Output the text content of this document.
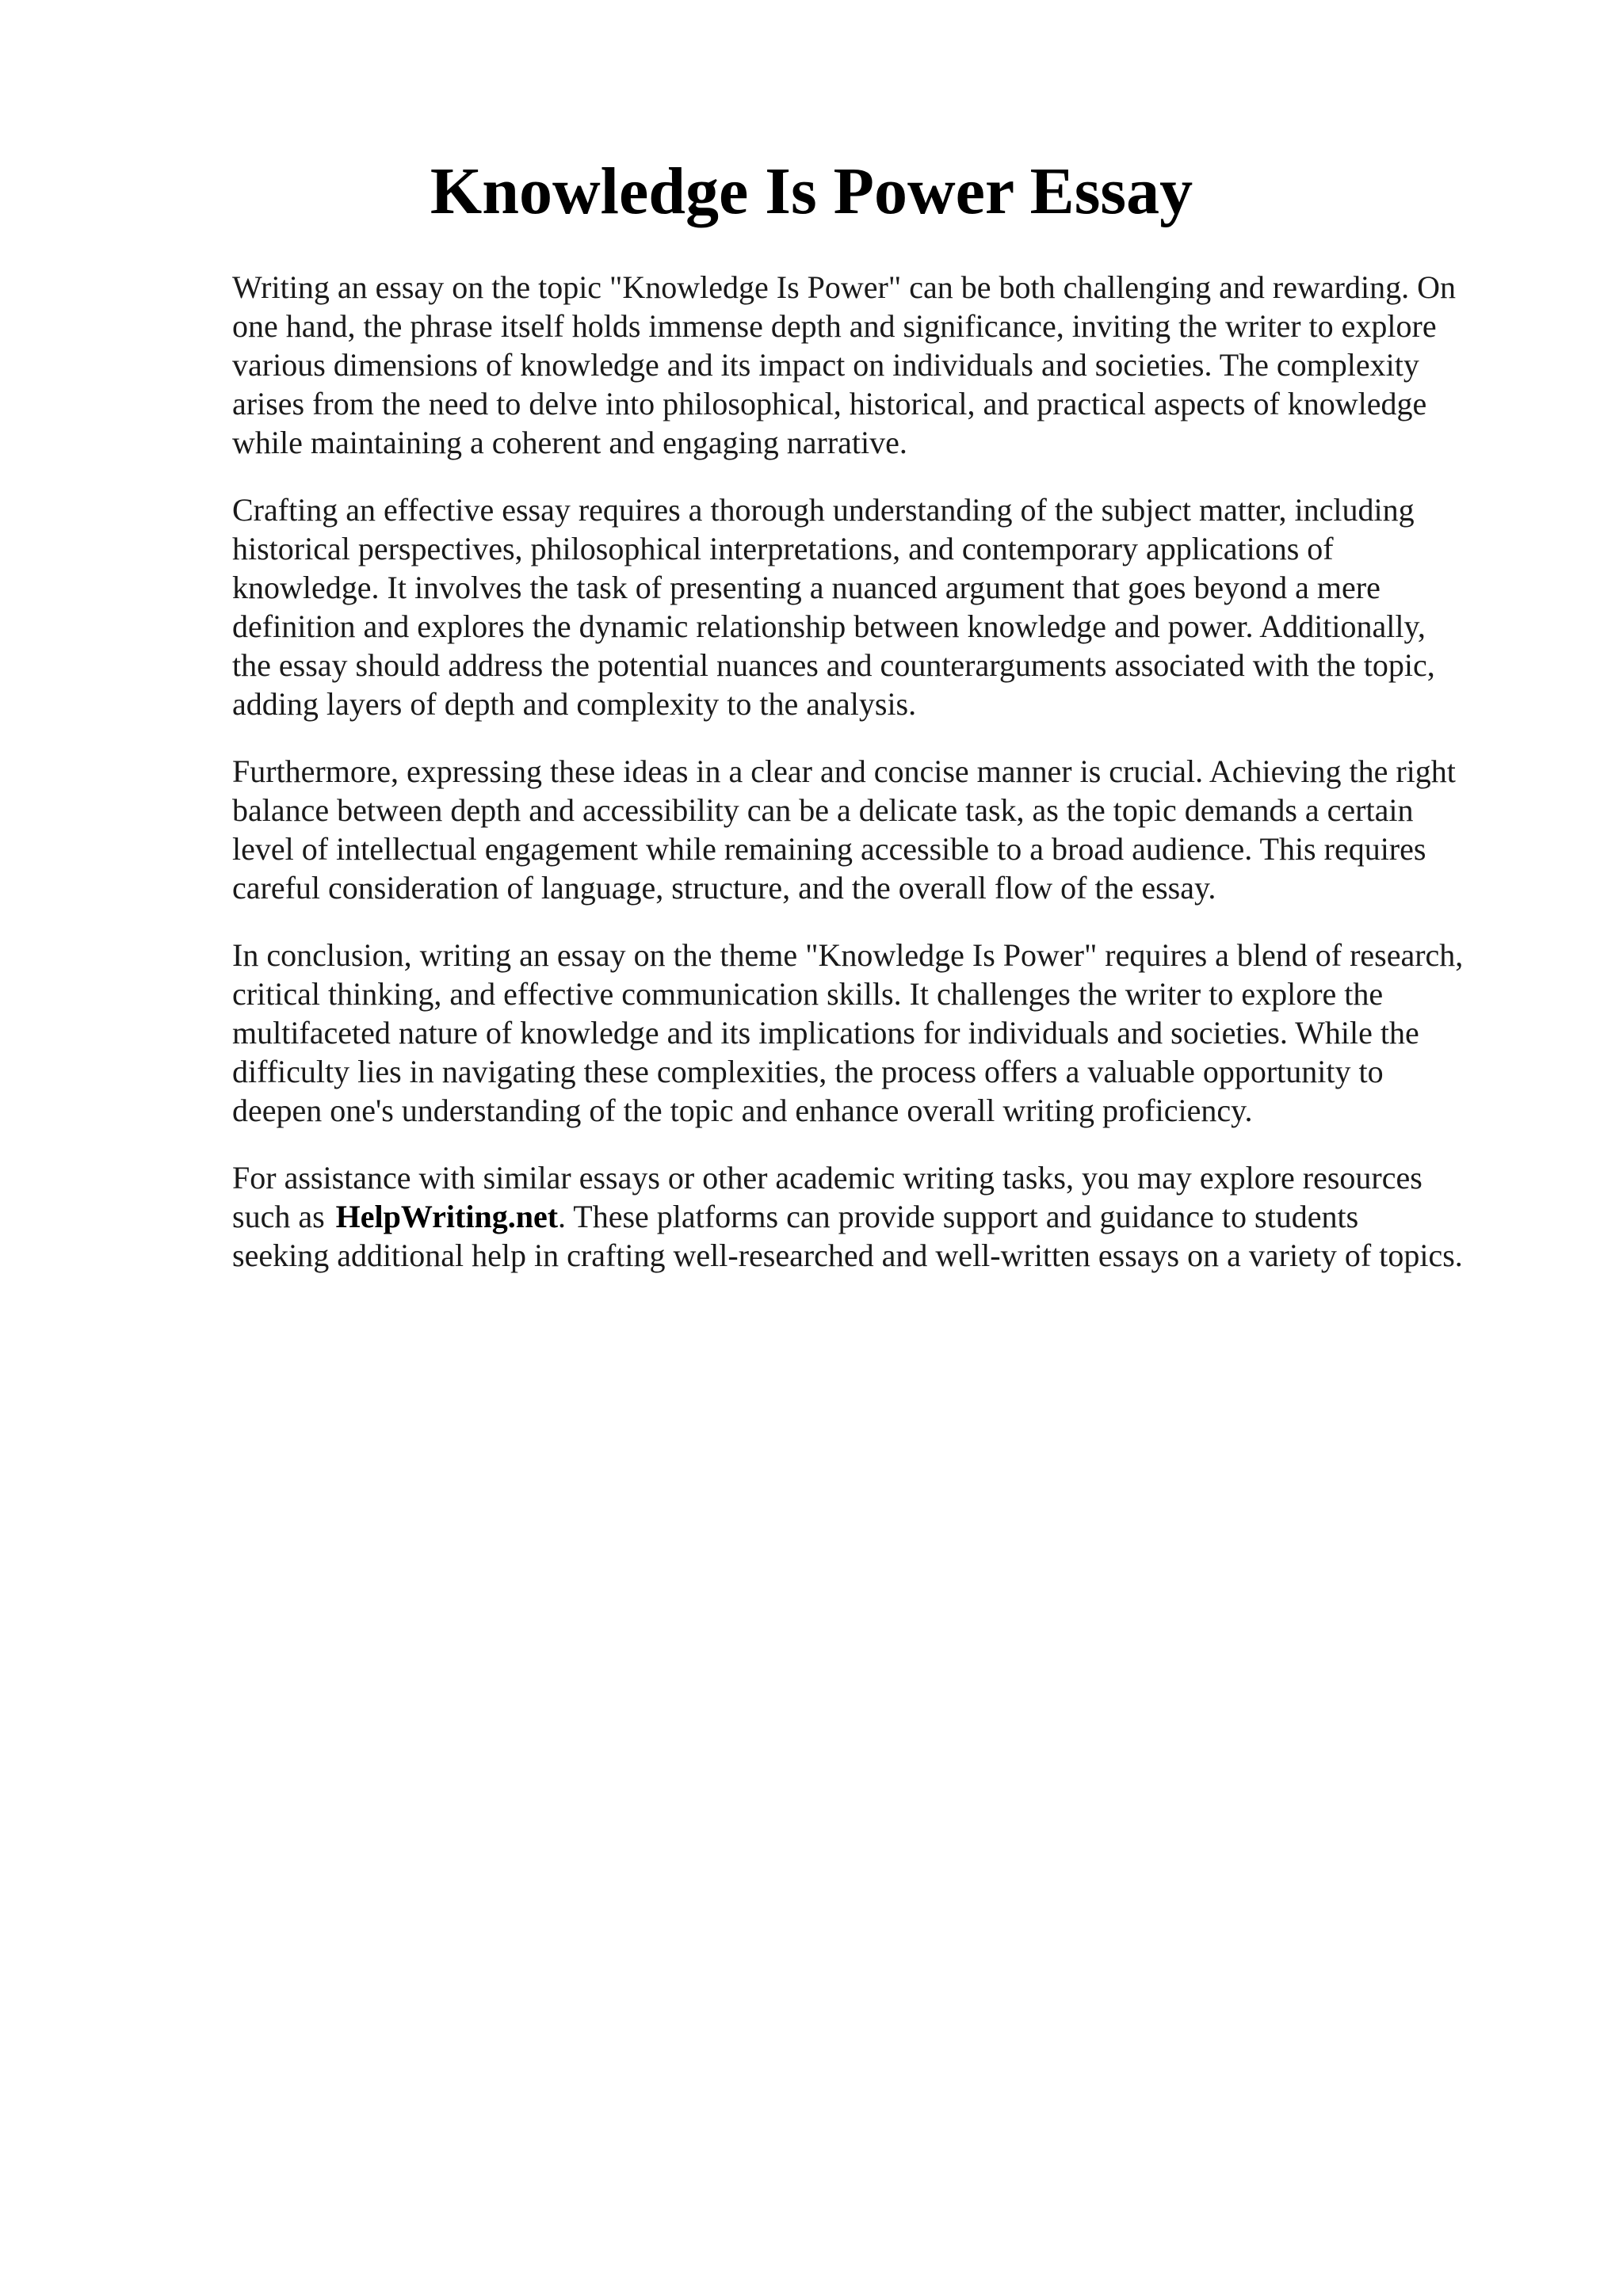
Knowledge Is Power Essay

Writing an essay on the topic "Knowledge Is Power" can be both challenging and rewarding. On
one hand, the phrase itself holds immense depth and significance, inviting the writer to explore
various dimensions of knowledge and its impact on individuals and societies. The complexity
arises from the need to delve into philosophical, historical, and practical aspects of knowledge
while maintaining a coherent and engaging narrative.

Crafting an effective essay requires a thorough understanding of the subject matter, including
historical perspectives, philosophical interpretations, and contemporary applications of
knowledge. It involves the task of presenting a nuanced argument that goes beyond a mere
definition and explores the dynamic relationship between knowledge and power. Additionally,
the essay should address the potential nuances and counterarguments associated with the topic,
adding layers of depth and complexity to the analysis.

Furthermore, expressing these ideas in a clear and concise manner is crucial. Achieving the right
balance between depth and accessibility can be a delicate task, as the topic demands a certain
level of intellectual engagement while remaining accessible to a broad audience. This requires
careful consideration of language, structure, and the overall flow of the essay.

In conclusion, writing an essay on the theme "Knowledge Is Power" requires a blend of research,
critical thinking, and effective communication skills. It challenges the writer to explore the
multifaceted nature of knowledge and its implications for individuals and societies. While the
difficulty lies in navigating these complexities, the process offers a valuable opportunity to
deepen one's understanding of the topic and enhance overall writing proficiency.

For assistance with similar essays or other academic writing tasks, you may explore resources
such as HelpWriting.net. These platforms can provide support and guidance to students
seeking additional help in crafting well-researched and well-written essays on a variety of topics.
